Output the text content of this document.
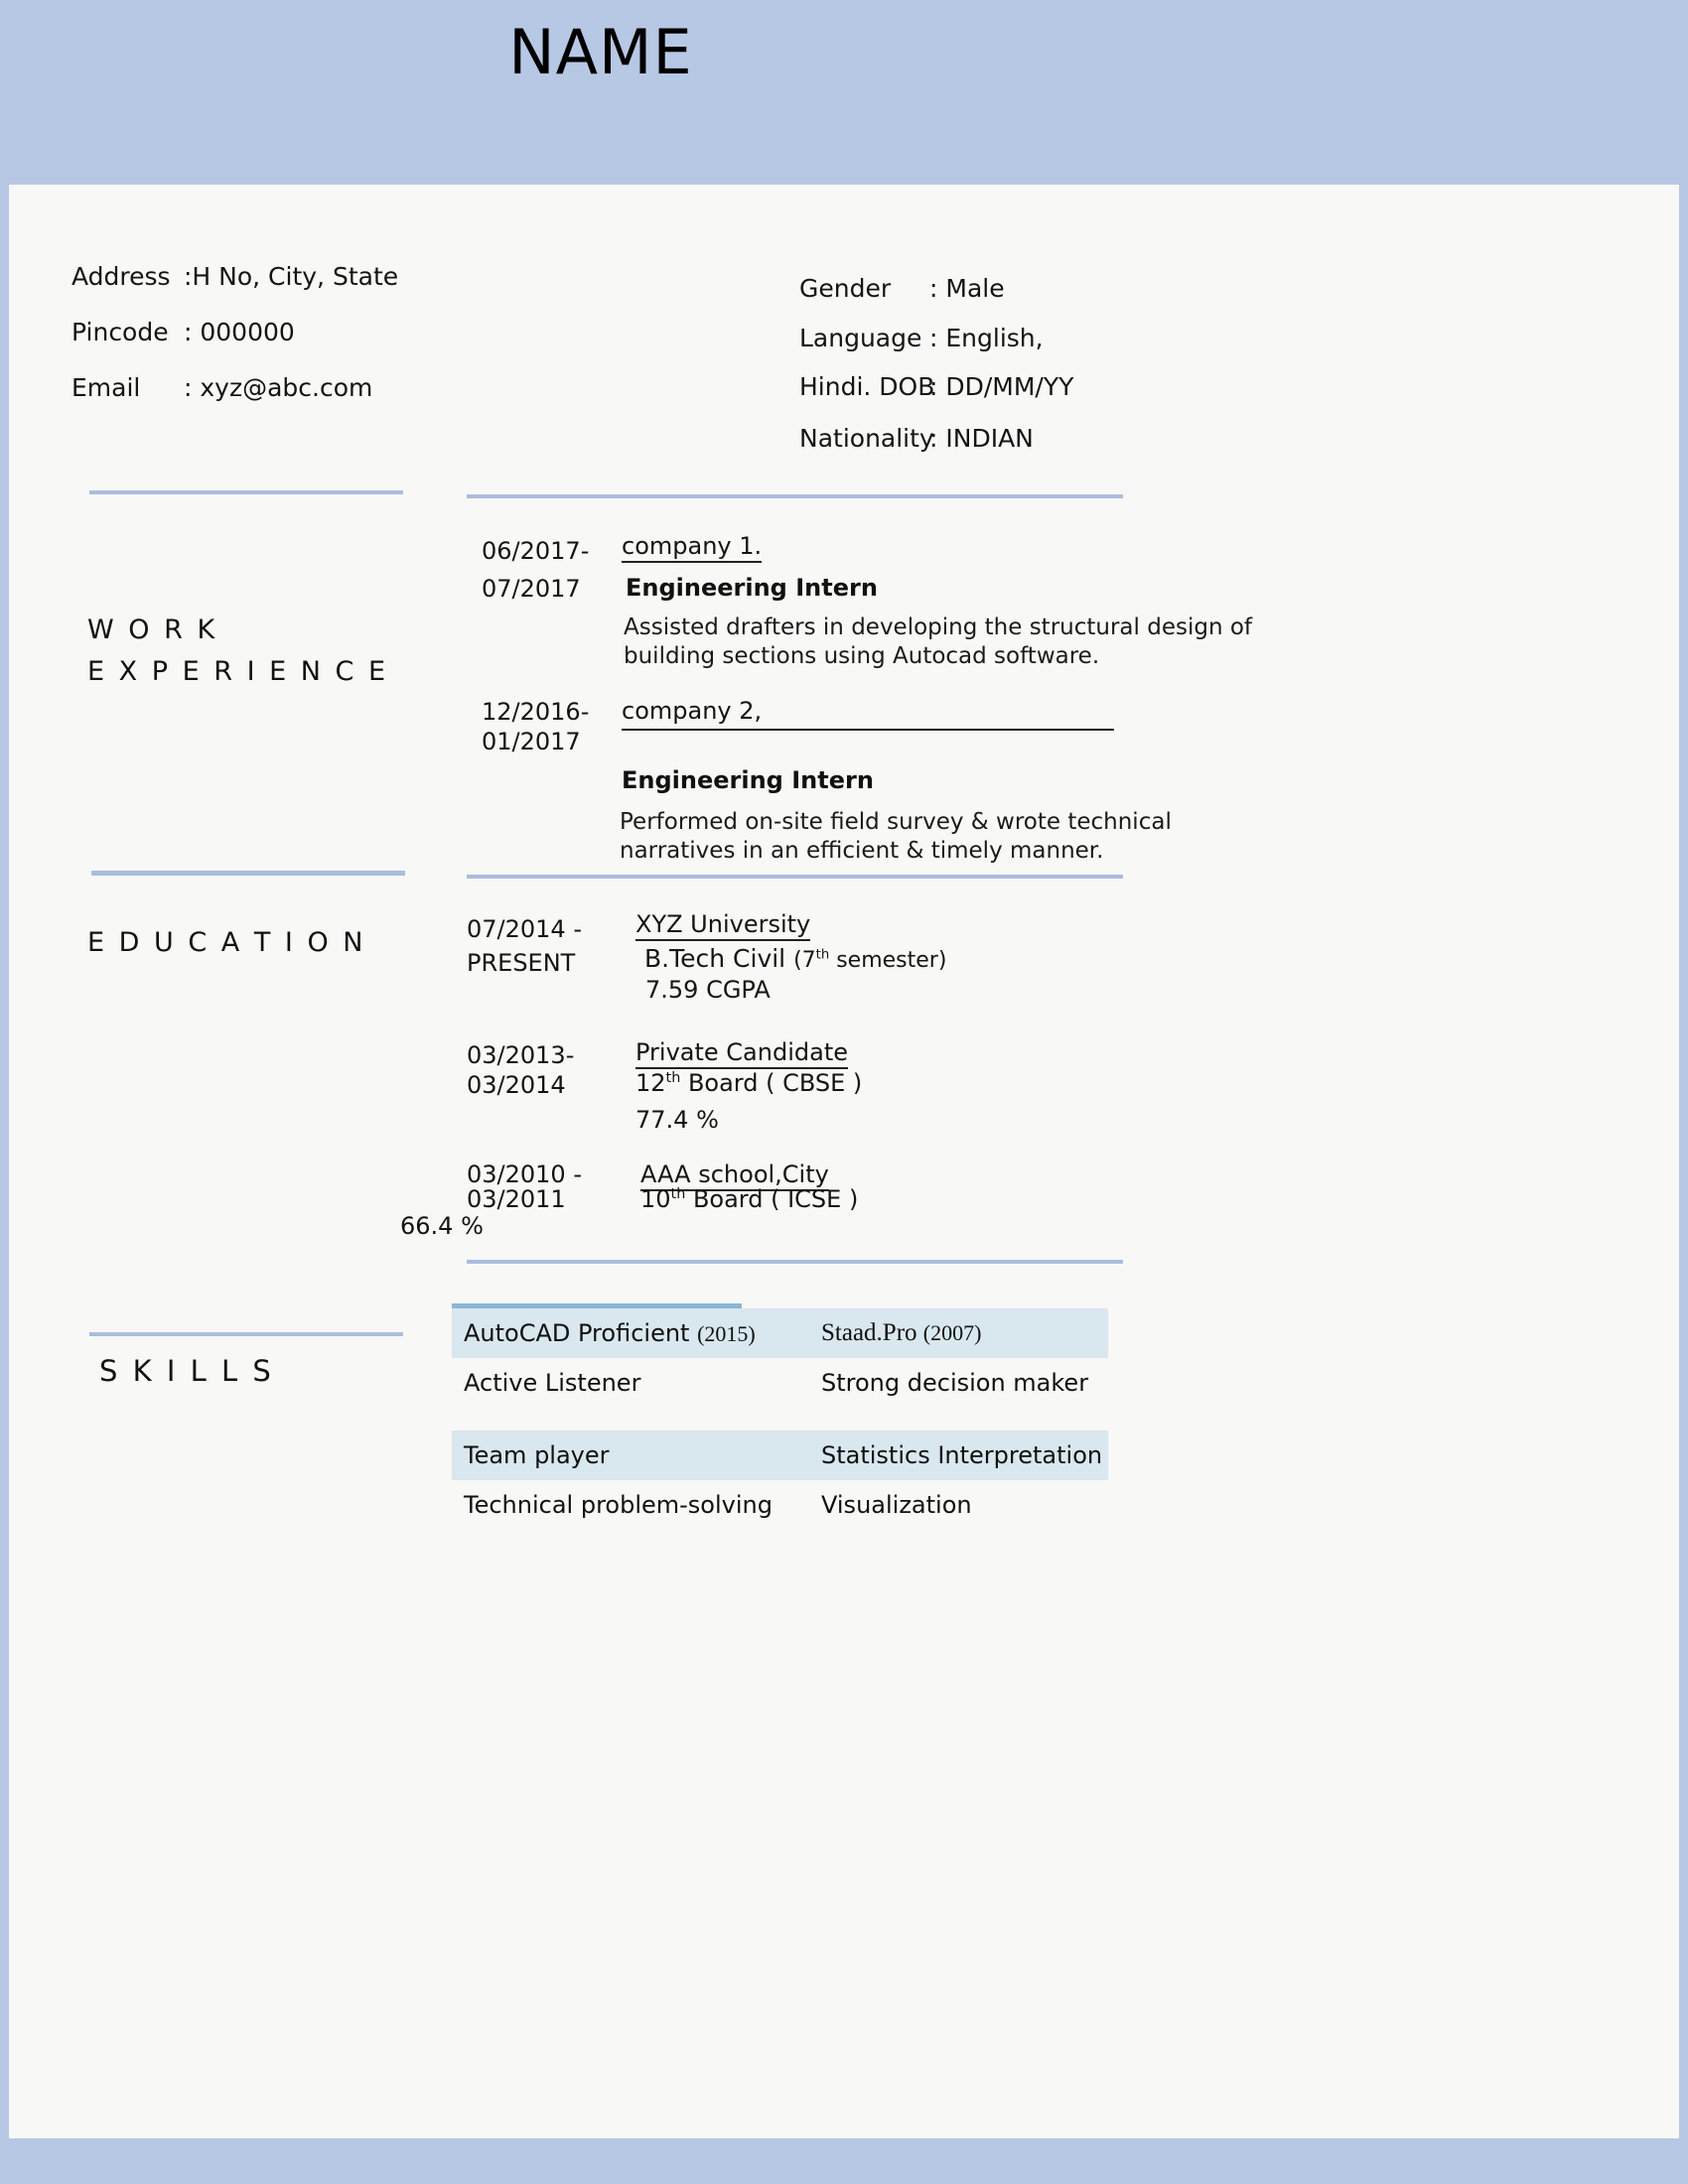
NAME
Address :H No, City, State
Pincode : 000000
Email	: xyz@abc.com
Gender	: Male
Language : English,
Hindi. DOB
: DD/MM/YY
Nationality
: INDIAN
W O R K
E X P E R I E N C E
06/2017-
07/2017
company 1.
Engineering Intern
Assisted drafters in developing the structural design of building sections using Autocad software.
12/2016-
01/2017
company 2,
Engineering Intern
Performed on-site field survey & wrote technical narratives in an efficient & timely manner.
E D U C A T I O N	07/2014 -
PRESENT
XYZ University
B.Tech Civil (7th semester)
7.59 CGPA
03/2013-
03/2014
Private Candidate
12th Board ( CBSE )
77.4 %
03/2010 -
03/2011
AAA school,City
10th Board ( ICSE )
66.4 %
S K I L L S
AutoCAD Proficient (2015)	Staad.Pro (2007)
Active Listener	Strong decision maker
Team player	Statistics Interpretation
Technical problem-solving Visualization
